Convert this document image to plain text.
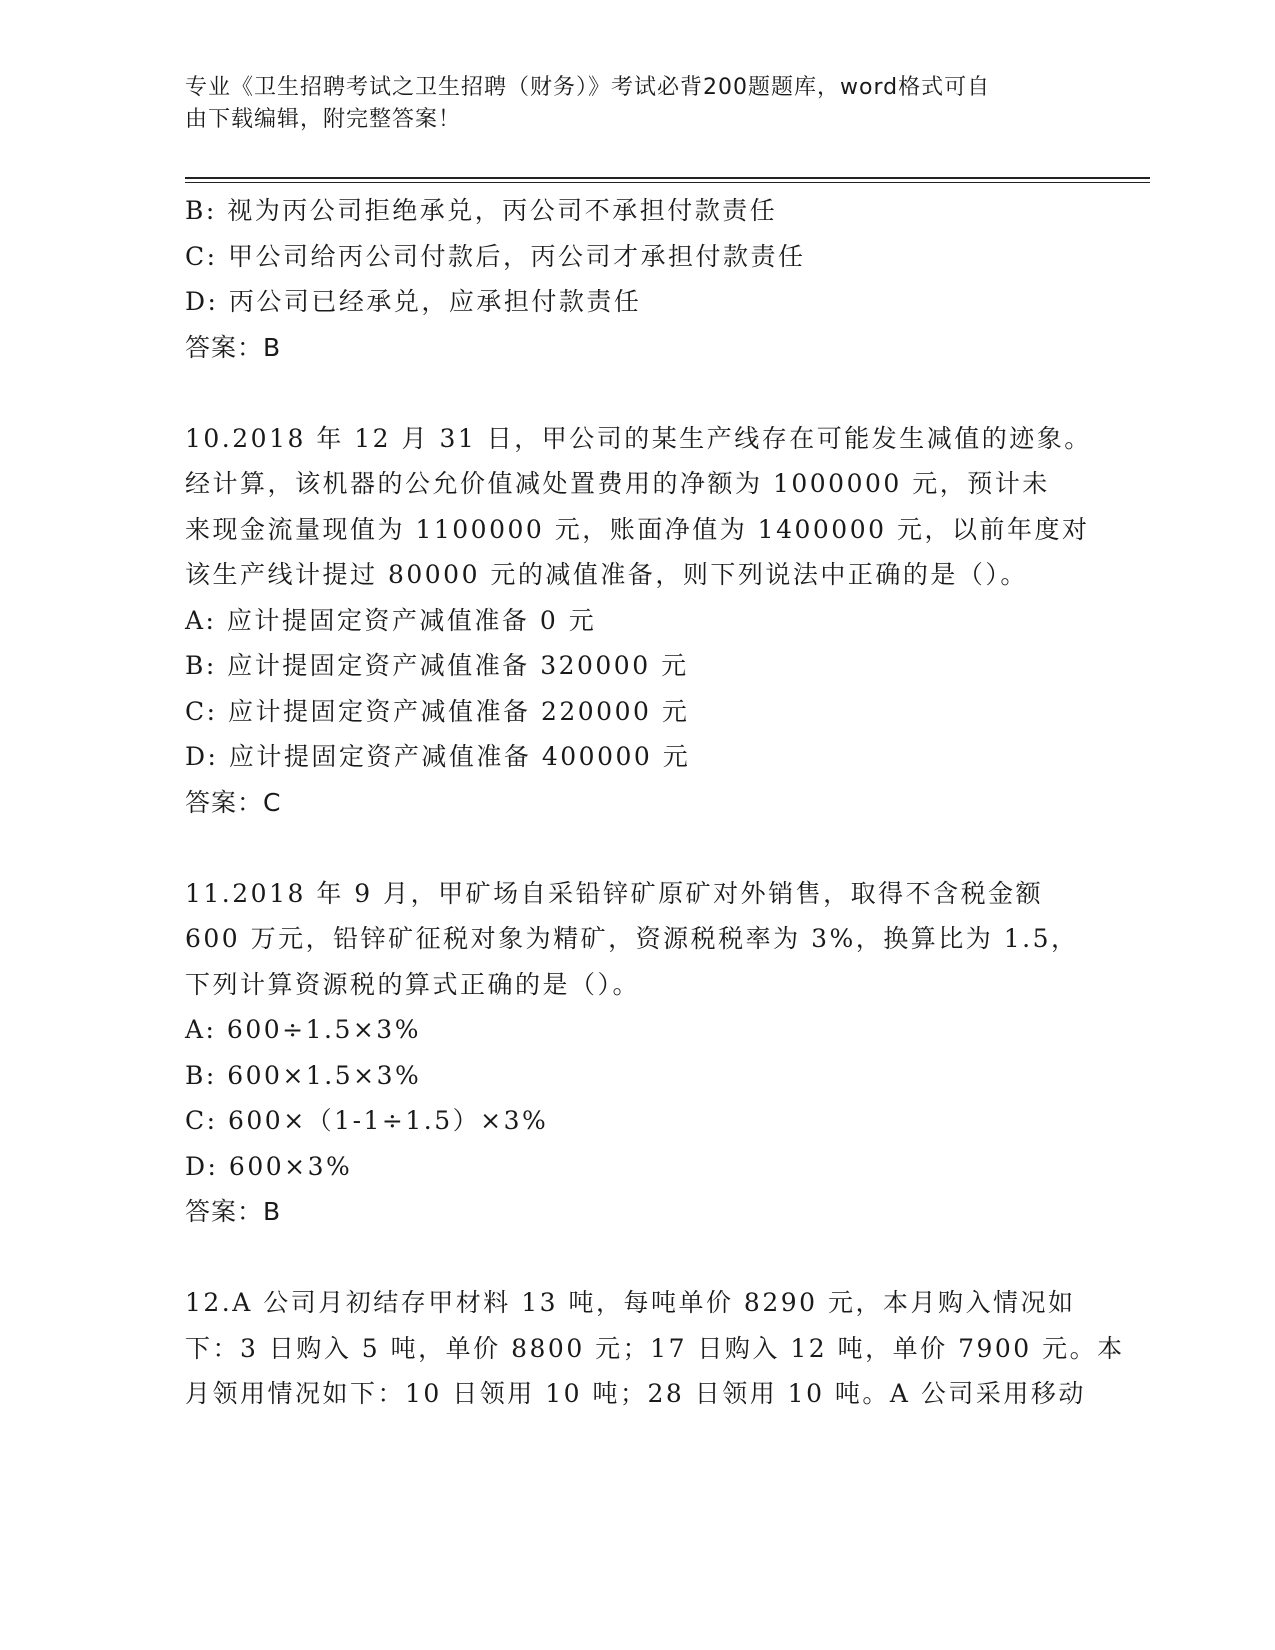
专业《卫生招聘考试之卫生招聘（财务）》考试必背200题题库，word格式可自
由下载编辑，附完整答案！
B: 视为丙公司拒绝承兑，丙公司不承担付款责任
C: 甲公司给丙公司付款后，丙公司才承担付款责任
D: 丙公司已经承兑，应承担付款责任
答案：B
10.2018 年 12 月 31 日，甲公司的某生产线存在可能发生减值的迹象。
经计算，该机器的公允价值减处置费用的净额为 1000000 元，预计未
来现金流量现值为 1100000 元，账面净值为 1400000 元，以前年度对
该生产线计提过 80000 元的减值准备，则下列说法中正确的是（）。
A: 应计提固定资产减值准备 0 元
B: 应计提固定资产减值准备 320000 元
C: 应计提固定资产减值准备 220000 元
D: 应计提固定资产减值准备 400000 元
答案：C
11.2018 年 9 月，甲矿场自采铅锌矿原矿对外销售，取得不含税金额
600 万元，铅锌矿征税对象为精矿，资源税税率为 3%，换算比为 1.5，
下列计算资源税的算式正确的是（）。
A: 600÷1.5×3%
B: 600×1.5×3%
C: 600×（1-1÷1.5）×3%
D: 600×3%
答案：B
12.A 公司月初结存甲材料 13 吨，每吨单价 8290 元，本月购入情况如
下：3 日购入 5 吨，单价 8800 元；17 日购入 12 吨，单价 7900 元。本
月领用情况如下：10 日领用 10 吨；28 日领用 10 吨。A 公司采用移动
